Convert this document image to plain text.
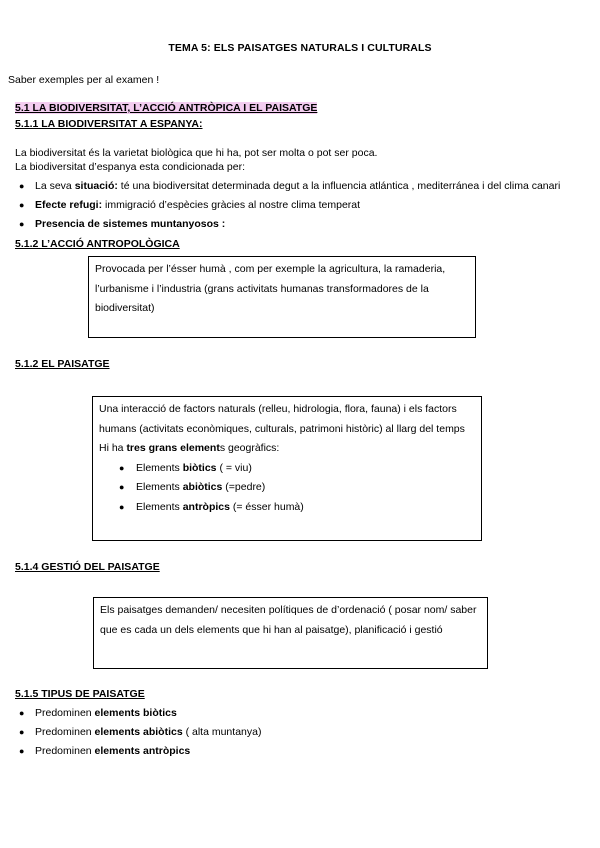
TEMA 5: ELS PAISATGES NATURALS I CULTURALS
Saber exemples per al examen !
5.1 LA BIODIVERSITAT, L’ACCIÓ ANTRÒPICA I EL PAISATGE
5.1.1 LA BIODIVERSITAT A ESPANYA:
La biodiversitat és la varietat biològica que hi ha, pot ser molta o pot ser poca.
La biodiversitat d’espanya esta condicionada per:
● La seva situació: té una biodiversitat determinada degut a la influencia atlántica , mediterránea i del clima canari
● Efecte refugi: immigració d’espècies gràcies al nostre clima temperat
● Presencia de sistemes muntanyosos :
5.1.2 L’ACCIÓ ANTROPOLÒGICA

Provocada per l’ésser humà , com per exemple la agricultura, la ramaderia, l’urbanisme i l’industria (grans activitats humanas transformadores de la biodiversitat)

5.1.2 EL PAISATGE

Una interacció de factors naturals (relleu, hidrologia, flora, fauna) i els factors humans (activitats econòmiques, culturals, patrimoni històric) al llarg del temps

Hi ha tres grans elements geogràfics:

● Elements biòtics ( = viu)

● Elements abiòtics (=pedre)

● Elements antròpics (= ésser humà)

5.1.4 GESTIÓ DEL PAISATGE

Els paisatges demanden/ necesiten polítiques de d’ordenació ( posar nom/ saber que es cada un dels elements que hi han al paisatge), planificació i gestió

5.1.5 TIPUS DE PAISATGE
● Predominen elements biòtics
● Predominen elements abiòtics ( alta muntanya)
● Predominen elements antròpics
